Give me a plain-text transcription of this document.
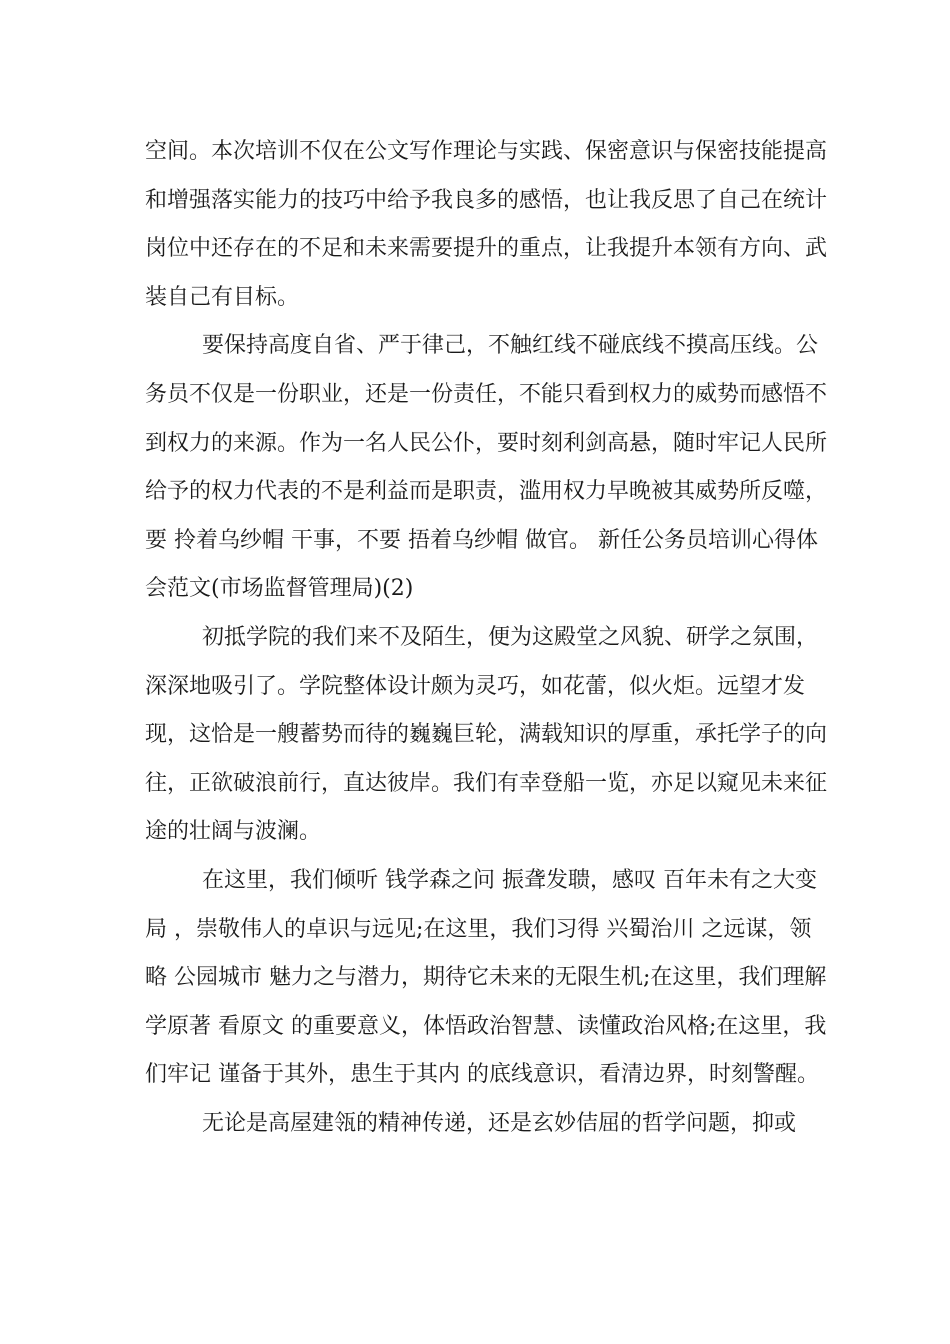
空间。本次培训不仅在公文写作理论与实践、保密意识与保密技能提高和增强落实能力的技巧中给予我良多的感悟，也让我反思了自己在统计岗位中还存在的不足和未来需要提升的重点，让我提升本领有方向、武装自己有目标。

要保持高度自省、严于律己，不触红线不碰底线不摸高压线。公务员不仅是一份职业，还是一份责任，不能只看到权力的威势而感悟不到权力的来源。作为一名人民公仆，要时刻利剑高悬，随时牢记人民所给予的权力代表的不是利益而是职责，滥用权力早晚被其威势所反噬，要 拎着乌纱帽 干事，不要 捂着乌纱帽 做官。 新任公务员培训心得体会范文(市场监督管理局)(2)

初抵学院的我们来不及陌生，便为这殿堂之风貌、研学之氛围，深深地吸引了。学院整体设计颇为灵巧，如花蕾，似火炬。远望才发现，这恰是一艘蓄势而待的巍巍巨轮，满载知识的厚重，承托学子的向往，正欲破浪前行，直达彼岸。我们有幸登船一览，亦足以窥见未来征途的壮阔与波澜。

在这里，我们倾听 钱学森之问 振聋发聩，感叹 百年未有之大变局 ，崇敬伟人的卓识与远见;在这里，我们习得 兴蜀治川 之远谋，领略 公园城市 魅力之与潜力，期待它未来的无限生机;在这里，我们理解 学原著 看原文 的重要意义，体悟政治智慧、读懂政治风格;在这里，我们牢记 谨备于其外，患生于其内 的底线意识，看清边界，时刻警醒。

无论是高屋建瓴的精神传递，还是玄妙佶屈的哲学问题，抑或
